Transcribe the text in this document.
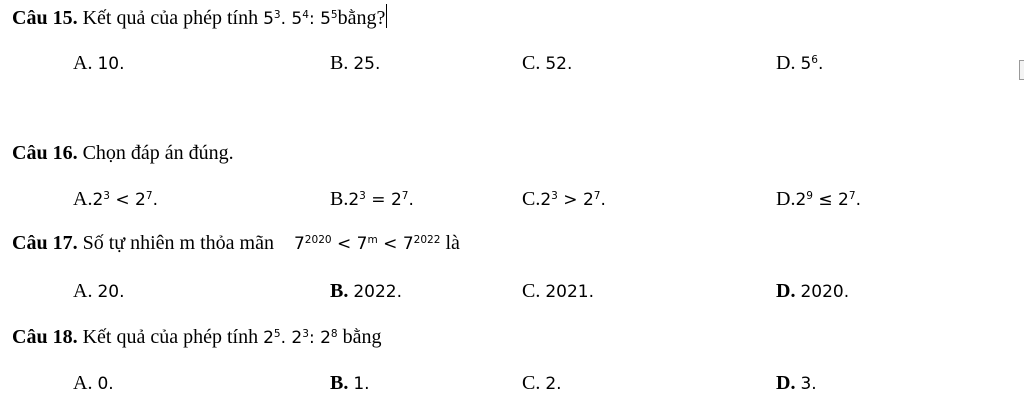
Câu 15. Kết quả của phép tính $5^3$. $5^4$: $5^5bằng$?
A. 10.	B. 25.	C. 52.	D. $5^6$.
Câu 16. Chọn đáp án đúng.
$A.2^3 < 2^7$.	$B.2^3 = 2^7$.	$C.2^3 > 2^7$.	$D.2^9 \le 2^7$.
Câu 17. Số tự nhiên m thỏa mãn $7^{2020} < 7^m < 7^{2022}$ là
A. 20.	B. 2022.	C. 2021.	D. 2020.
Câu 18. Kết quả của phép tính $2^5$. $2^3$: $2^8$ bằng
A. 0.	B. 1.	C. 2.	D. 3.
